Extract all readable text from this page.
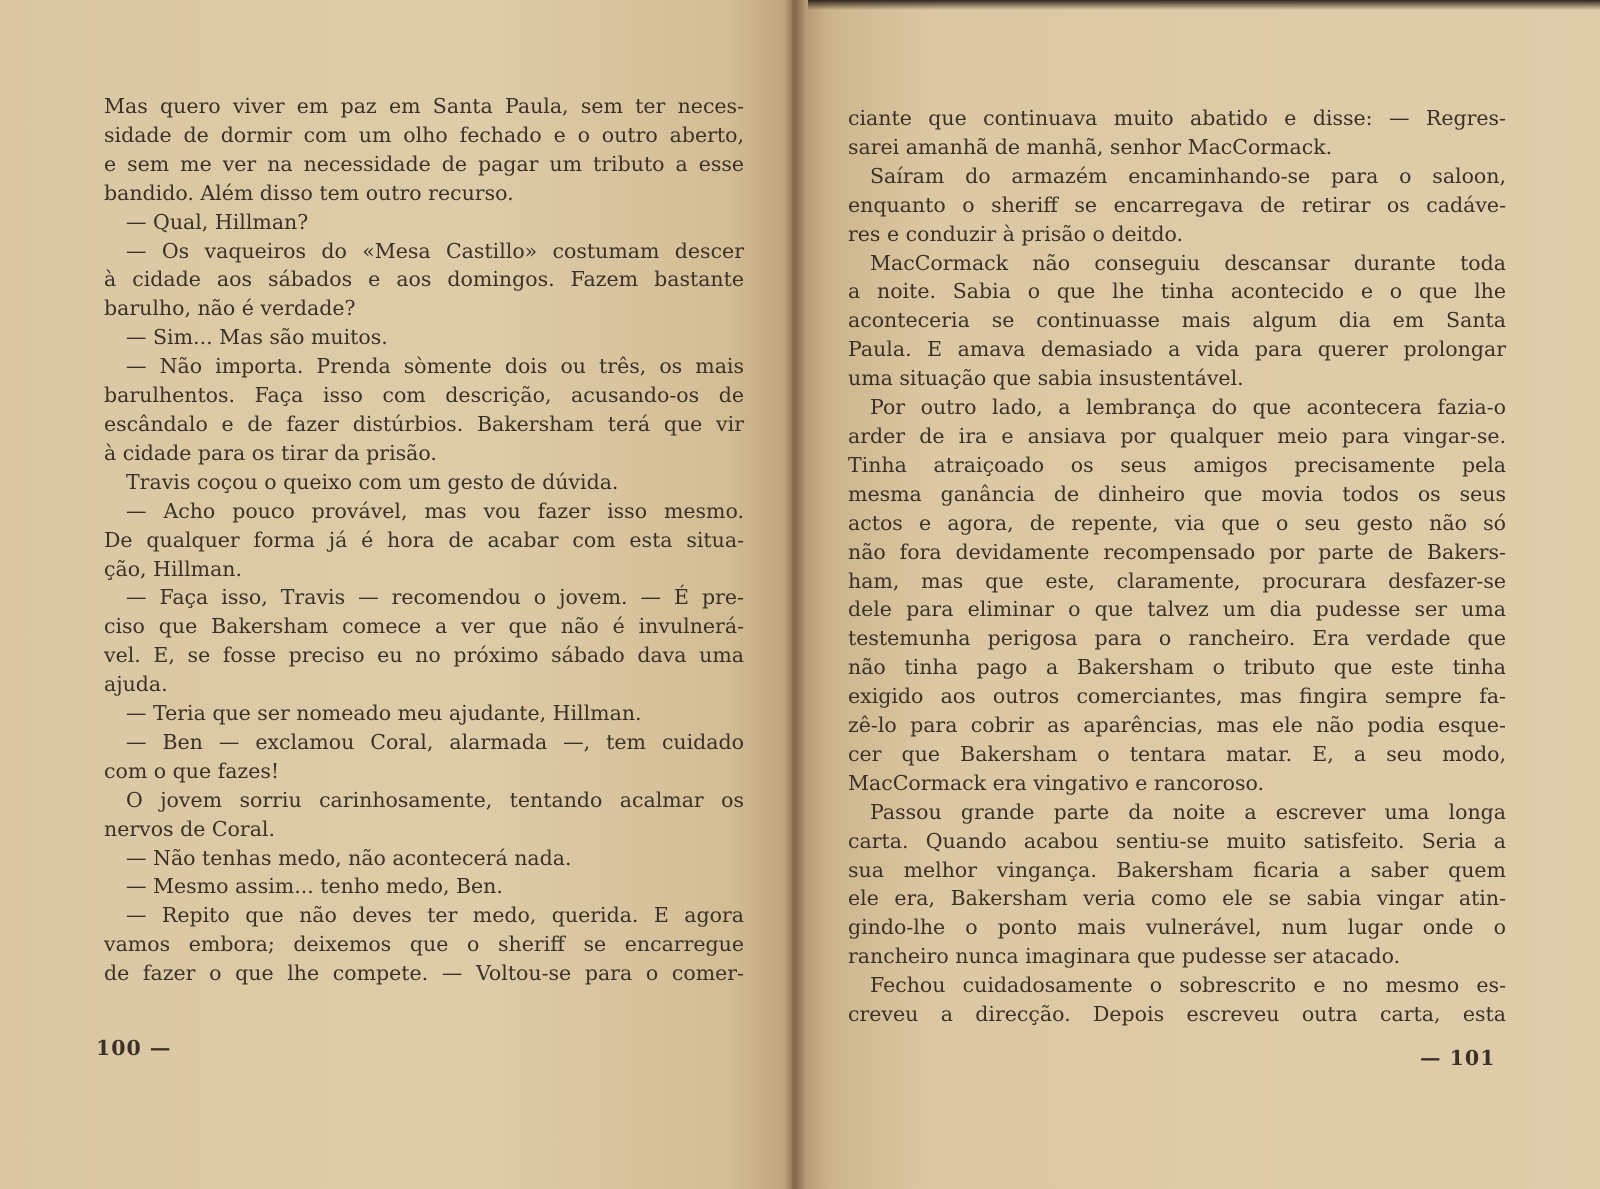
Mas quero viver em paz em Santa Paula, sem ter neces-
sidade de dormir com um olho fechado e o outro aberto,
e sem me ver na necessidade de pagar um tributo a esse
bandido. Além disso tem outro recurso.
— Qual, Hillman?
— Os vaqueiros do «Mesa Castillo» costumam descer
à cidade aos sábados e aos domingos. Fazem bastante
barulho, não é verdade?
— Sim... Mas são muitos.
— Não importa. Prenda sòmente dois ou três, os mais
barulhentos. Faça isso com descrição, acusando-os de
escândalo e de fazer distúrbios. Bakersham terá que vir
à cidade para os tirar da prisão.
Travis coçou o queixo com um gesto de dúvida.
— Acho pouco provável, mas vou fazer isso mesmo.
De qualquer forma já é hora de acabar com esta situa-
ção, Hillman.
— Faça isso, Travis — recomendou o jovem. — É pre-
ciso que Bakersham comece a ver que não é invulnerá-
vel. E, se fosse preciso eu no próximo sábado dava uma
ajuda.
— Teria que ser nomeado meu ajudante, Hillman.
— Ben — exclamou Coral, alarmada —, tem cuidado
com o que fazes!
O jovem sorriu carinhosamente, tentando acalmar os
nervos de Coral.
— Não tenhas medo, não acontecerá nada.
— Mesmo assim... tenho medo, Ben.
— Repito que não deves ter medo, querida. E agora
vamos embora; deixemos que o sheriff se encarregue
de fazer o que lhe compete. — Voltou-se para o comer-
100 —
ciante que continuava muito abatido e disse: — Regres-
sarei amanhã de manhã, senhor MacCormack.
Saíram do armazém encaminhando-se para o saloon,
enquanto o sheriff se encarregava de retirar os cadáve-
res e conduzir à prisão o deitdo.
MacCormack não conseguiu descansar durante toda
a noite. Sabia o que lhe tinha acontecido e o que lhe
aconteceria se continuasse mais algum dia em Santa
Paula. E amava demasiado a vida para querer prolongar
uma situação que sabia insustentável.
Por outro lado, a lembrança do que acontecera fazia-o
arder de ira e ansiava por qualquer meio para vingar-se.
Tinha atraiçoado os seus amigos precisamente pela
mesma ganância de dinheiro que movia todos os seus
actos e agora, de repente, via que o seu gesto não só
não fora devidamente recompensado por parte de Bakers-
ham, mas que este, claramente, procurara desfazer-se
dele para eliminar o que talvez um dia pudesse ser uma
testemunha perigosa para o rancheiro. Era verdade que
não tinha pago a Bakersham o tributo que este tinha
exigido aos outros comerciantes, mas fingira sempre fa-
zê-lo para cobrir as aparências, mas ele não podia esque-
cer que Bakersham o tentara matar. E, a seu modo,
MacCormack era vingativo e rancoroso.
Passou grande parte da noite a escrever uma longa
carta. Quando acabou sentiu-se muito satisfeito. Seria a
sua melhor vingança. Bakersham ficaria a saber quem
ele era, Bakersham veria como ele se sabia vingar atin-
gindo-lhe o ponto mais vulnerável, num lugar onde o
rancheiro nunca imaginara que pudesse ser atacado.
Fechou cuidadosamente o sobrescrito e no mesmo es-
creveu a direcção. Depois escreveu outra carta, esta
— 101
